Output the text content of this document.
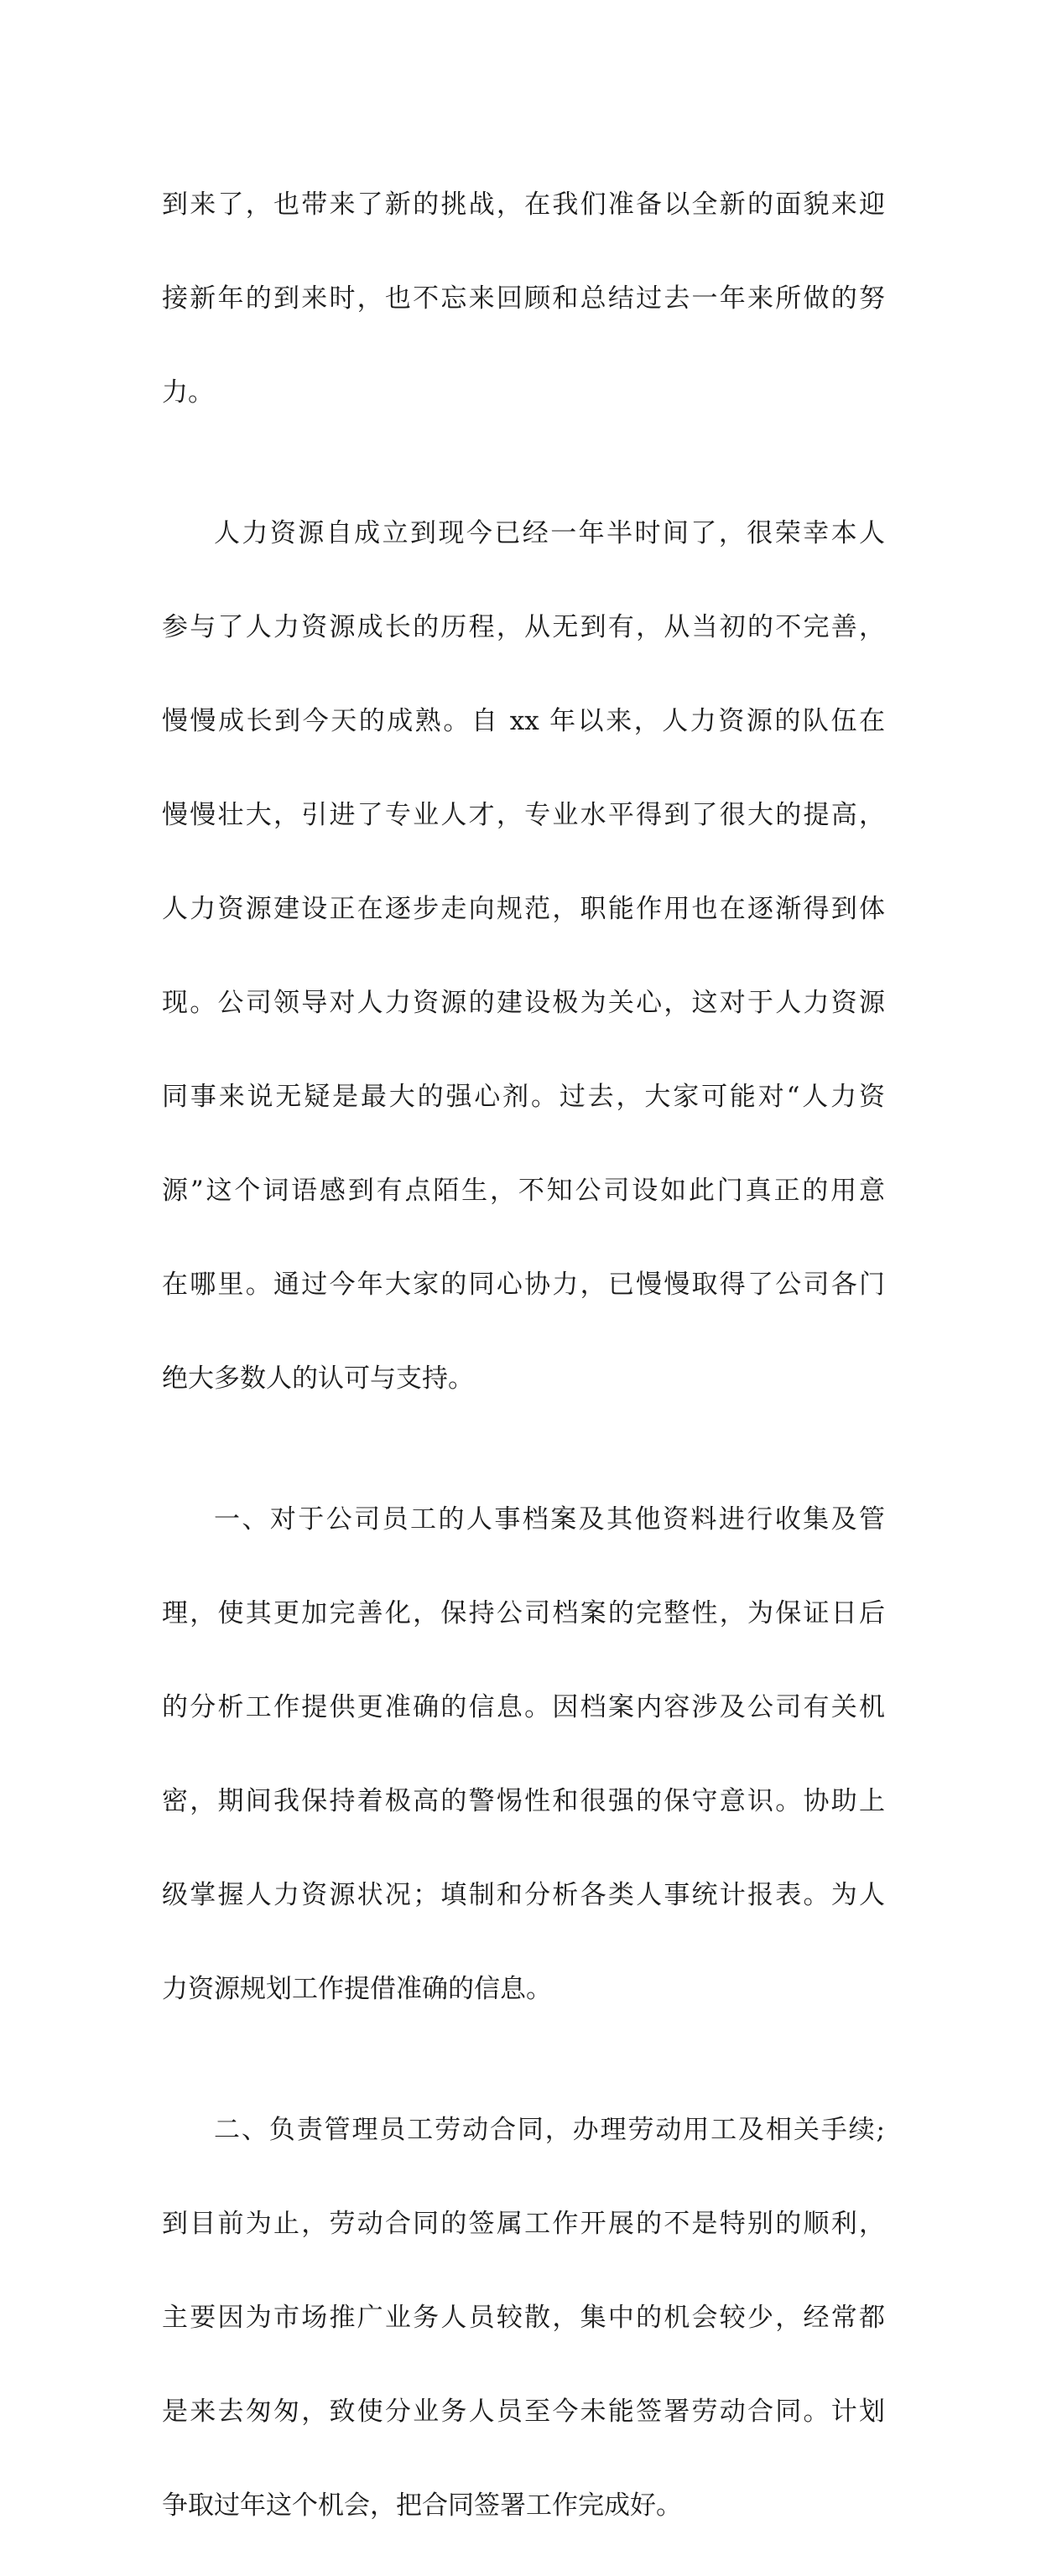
到来了，也带来了新的挑战，在我们准备以全新的面貌来迎

接新年的到来时，也不忘来回顾和总结过去一年来所做的努

力。

人力资源自成立到现今已经一年半时间了，很荣幸本人

参与了人力资源成长的历程，从无到有，从当初的不完善，

慢慢成长到今天的成熟。自 xx 年以来，人力资源的队伍在

慢慢壮大，引进了专业人才，专业水平得到了很大的提高，

人力资源建设正在逐步走向规范，职能作用也在逐渐得到体

现。公司领导对人力资源的建设极为关心，这对于人力资源

同事来说无疑是最大的强心剂。过去，大家可能对“人力资

源”这个词语感到有点陌生，不知公司设如此门真正的用意

在哪里。通过今年大家的同心协力，已慢慢取得了公司各门

绝大多数人的认可与支持。

一、对于公司员工的人事档案及其他资料进行收集及管

理，使其更加完善化，保持公司档案的完整性，为保证日后

的分析工作提供更准确的信息。因档案内容涉及公司有关机

密，期间我保持着极高的警惕性和很强的保守意识。协助上

级掌握人力资源状况；填制和分析各类人事统计报表。为人

力资源规划工作提借准确的信息。

二、负责管理员工劳动合同，办理劳动用工及相关手续;

到目前为止，劳动合同的签属工作开展的不是特别的顺利，

主要因为市场推广业务人员较散，集中的机会较少，经常都

是来去匆匆，致使分业务人员至今未能签署劳动合同。计划

争取过年这个机会，把合同签署工作完成好。
